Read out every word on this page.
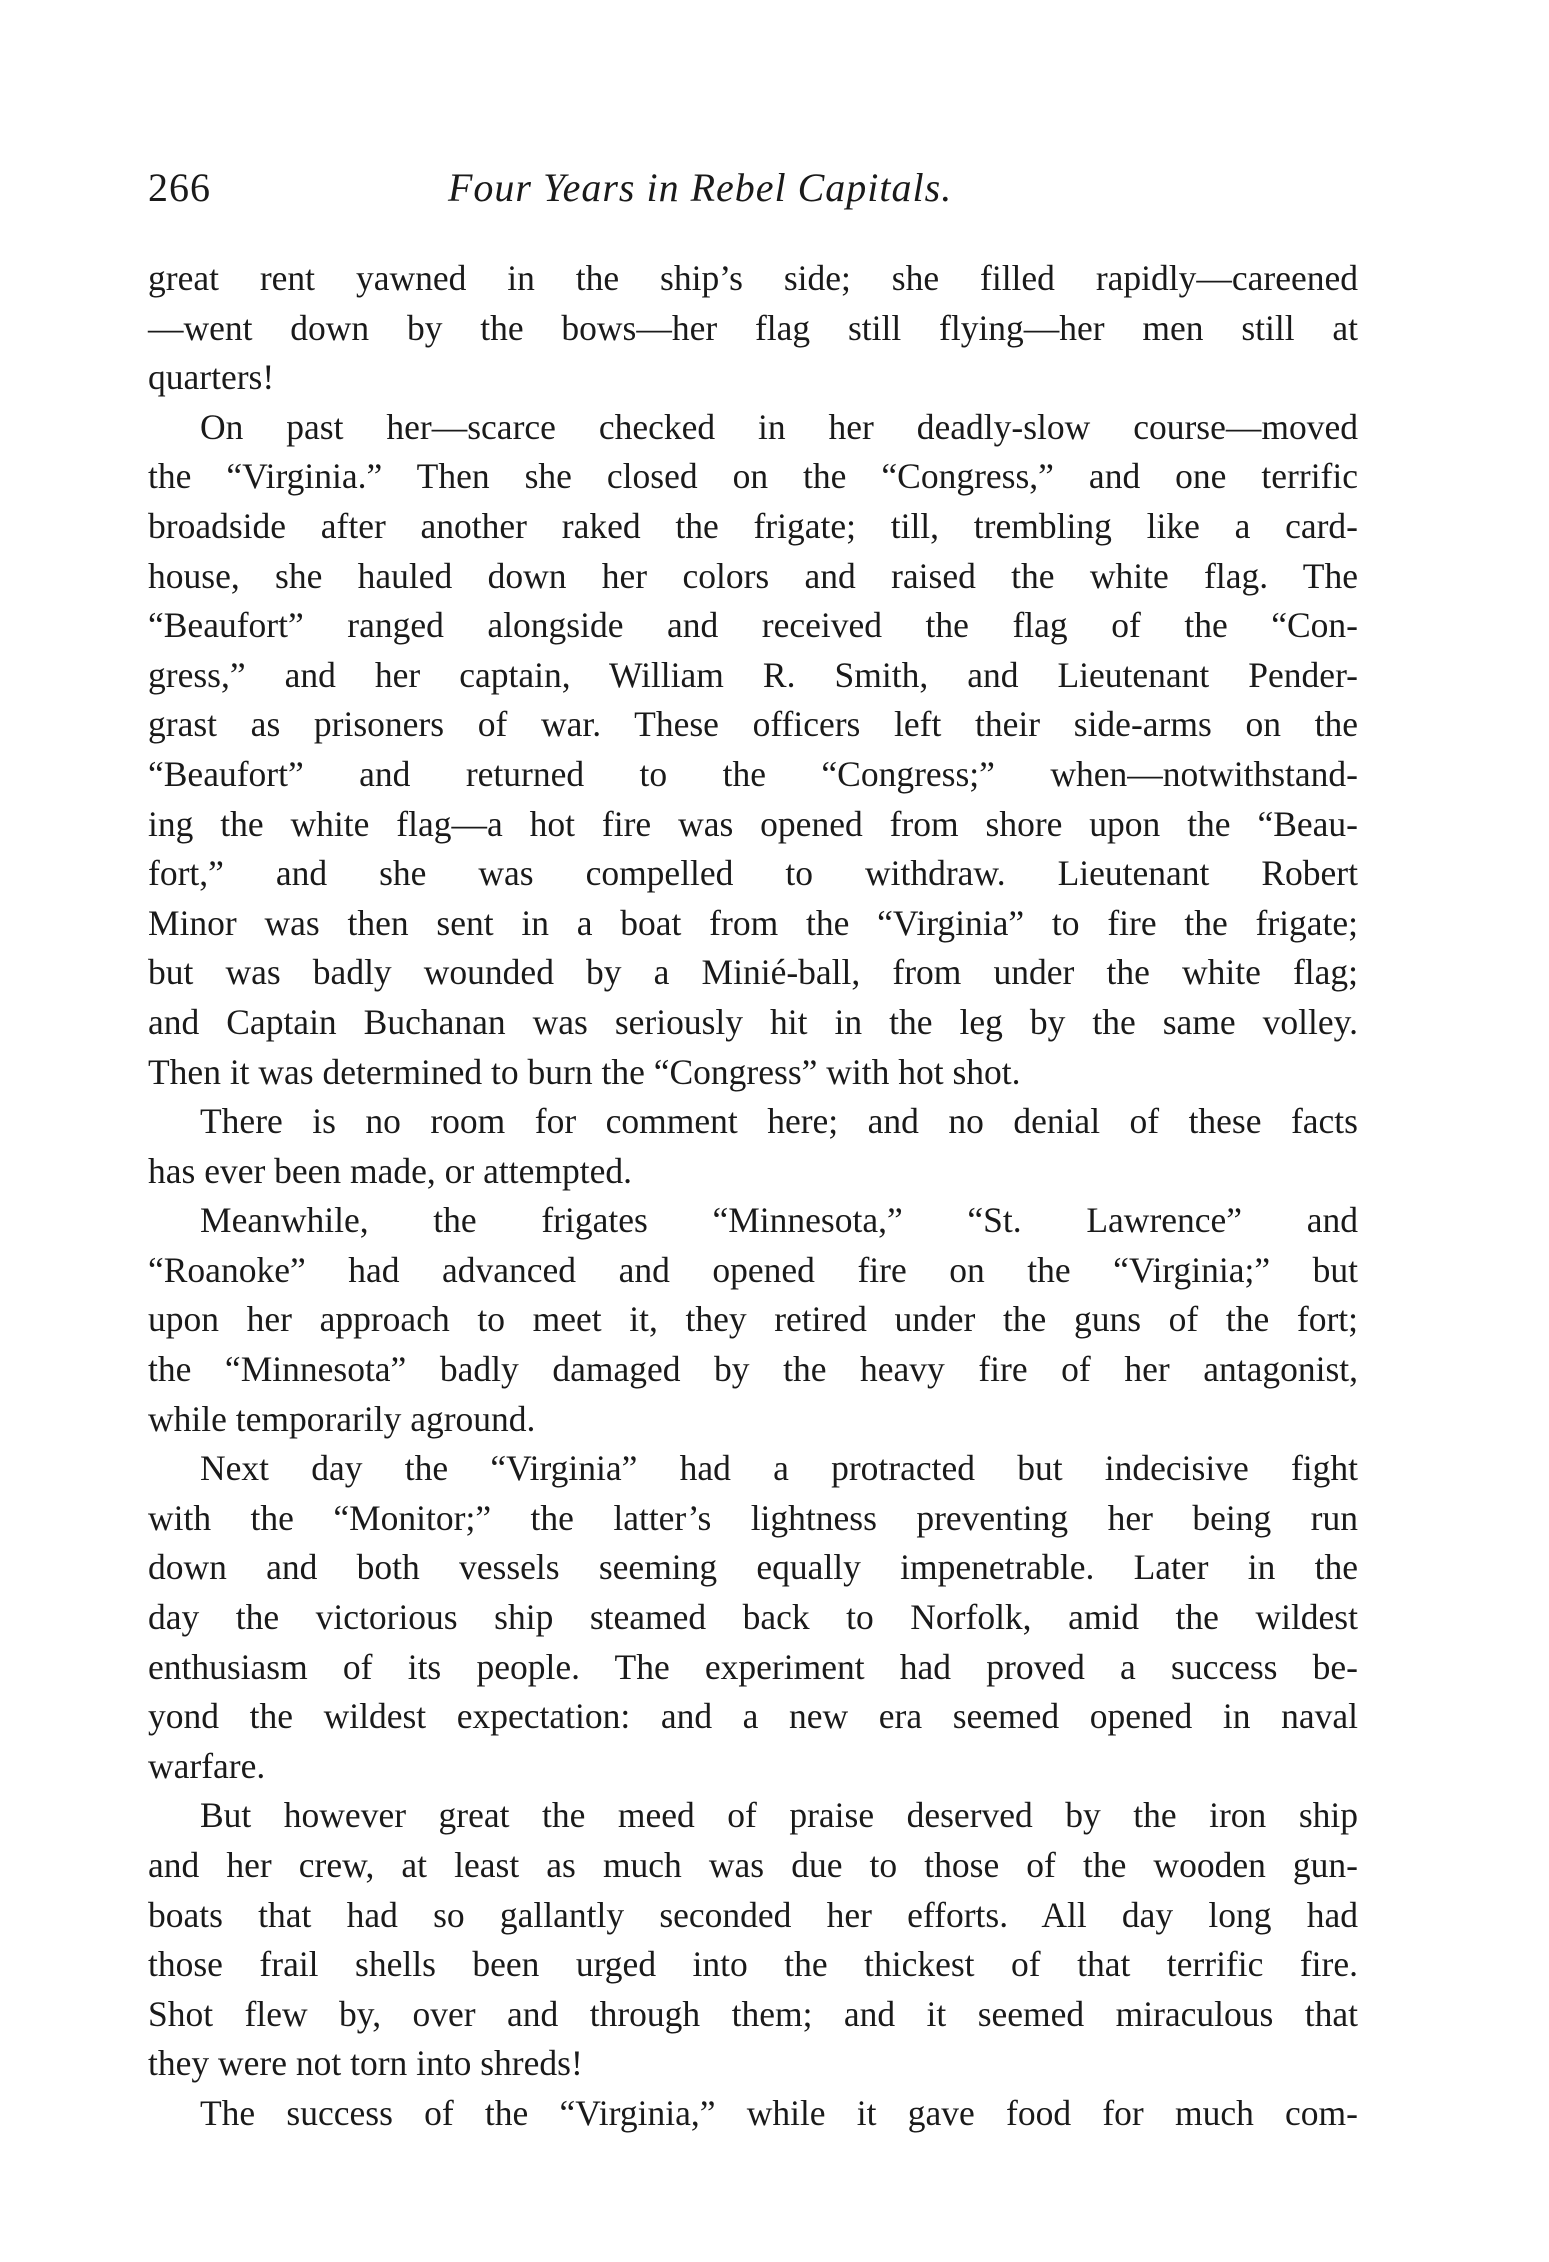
266	Four Years in Rebel Capitals.
great rent yawned in the ship’s side; she filled rapidly—careened
—went down by the bows—her flag still flying—her men still at
quarters!
On past her—scarce checked in her deadly-slow course—moved
the “Virginia.” Then she closed on the “Congress,” and one terrific
broadside after another raked the frigate; till, trembling like a card-
house, she hauled down her colors and raised the white flag. The
“Beaufort” ranged alongside and received the flag of the “Con-
gress,” and her captain, William R. Smith, and Lieutenant Pender-
grast as prisoners of war. These officers left their side-arms on the
“Beaufort” and returned to the “Congress;” when—notwithstand-
ing the white flag—a hot fire was opened from shore upon the “Beau-
fort,” and she was compelled to withdraw. Lieutenant Robert
Minor was then sent in a boat from the “Virginia” to fire the frigate;
but was badly wounded by a Minié-ball, from under the white flag;
and Captain Buchanan was seriously hit in the leg by the same volley.
Then it was determined to burn the “Congress” with hot shot.
There is no room for comment here; and no denial of these facts
has ever been made, or attempted.
Meanwhile, the frigates “Minnesota,” “St. Lawrence” and
“Roanoke” had advanced and opened fire on the “Virginia;” but
upon her approach to meet it, they retired under the guns of the fort;
the “Minnesota” badly damaged by the heavy fire of her antagonist,
while temporarily aground.
Next day the “Virginia” had a protracted but indecisive fight
with the “Monitor;” the latter’s lightness preventing her being run
down and both vessels seeming equally impenetrable. Later in the
day the victorious ship steamed back to Norfolk, amid the wildest
enthusiasm of its people. The experiment had proved a success be-
yond the wildest expectation: and a new era seemed opened in naval
warfare.
But however great the meed of praise deserved by the iron ship
and her crew, at least as much was due to those of the wooden gun-
boats that had so gallantly seconded her efforts. All day long had
those frail shells been urged into the thickest of that terrific fire.
Shot flew by, over and through them; and it seemed miraculous that
they were not torn into shreds!
The success of the “Virginia,” while it gave food for much com-
